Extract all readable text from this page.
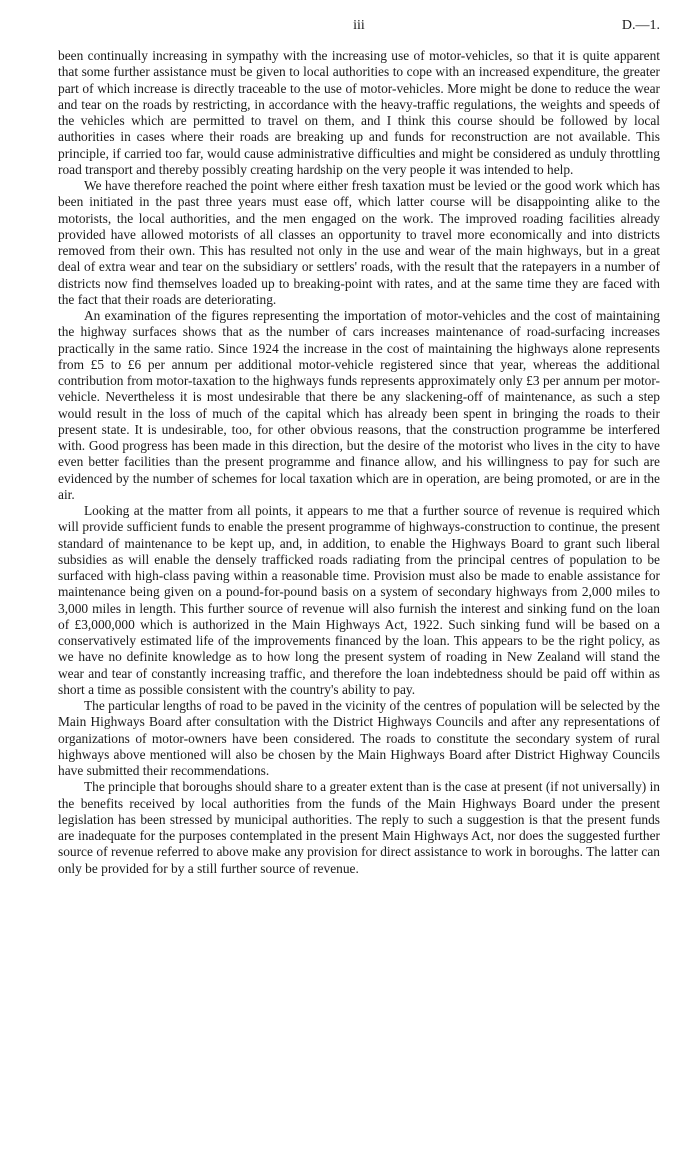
iii	D.—1.

been continually increasing in sympathy with the increasing use of motor-vehicles, so that it is quite apparent that some further assistance must be given to local authorities to cope with an increased expenditure, the greater part of which increase is directly traceable to the use of motor-vehicles. More might be done to reduce the wear and tear on the roads by restricting, in accordance with the heavy-traffic regulations, the weights and speeds of the vehicles which are permitted to travel on them, and I think this course should be followed by local authorities in cases where their roads are breaking up and funds for reconstruction are not available. This principle, if carried too far, would cause administrative difficulties and might be considered as unduly throttling road transport and thereby possibly creating hardship on the very people it was intended to help.

We have therefore reached the point where either fresh taxation must be levied or the good work which has been initiated in the past three years must ease off, which latter course will be disappointing alike to the motorists, the local authorities, and the men engaged on the work. The improved roading facilities already provided have allowed motorists of all classes an opportunity to travel more economically and into districts removed from their own. This has resulted not only in the use and wear of the main highways, but in a great deal of extra wear and tear on the subsidiary or settlers' roads, with the result that the ratepayers in a number of districts now find themselves loaded up to breaking-point with rates, and at the same time they are faced with the fact that their roads are deteriorating.

An examination of the figures representing the importation of motor-vehicles and the cost of maintaining the highway surfaces shows that as the number of cars increases maintenance of road-surfacing increases practically in the same ratio. Since 1924 the increase in the cost of maintaining the highways alone represents from £5 to £6 per annum per additional motor-vehicle registered since that year, whereas the additional contribution from motor-taxation to the highways funds represents approximately only £3 per annum per motor-vehicle. Nevertheless it is most undesirable that there be any slackening-off of maintenance, as such a step would result in the loss of much of the capital which has already been spent in bringing the roads to their present state. It is undesirable, too, for other obvious reasons, that the construction programme be interfered with. Good progress has been made in this direction, but the desire of the motorist who lives in the city to have even better facilities than the present programme and finance allow, and his willingness to pay for such are evidenced by the number of schemes for local taxation which are in operation, are being promoted, or are in the air.

Looking at the matter from all points, it appears to me that a further source of revenue is required which will provide sufficient funds to enable the present programme of highways-construction to continue, the present standard of maintenance to be kept up, and, in addition, to enable the Highways Board to grant such liberal subsidies as will enable the densely trafficked roads radiating from the principal centres of population to be surfaced with high-class paving within a reasonable time. Provision must also be made to enable assistance for maintenance being given on a pound-for-pound basis on a system of secondary highways from 2,000 miles to 3,000 miles in length. This further source of revenue will also furnish the interest and sinking fund on the loan of £3,000,000 which is authorized in the Main Highways Act, 1922. Such sinking fund will be based on a conservatively estimated life of the improvements financed by the loan. This appears to be the right policy, as we have no definite knowledge as to how long the present system of roading in New Zealand will stand the wear and tear of constantly increasing traffic, and therefore the loan indebtedness should be paid off within as short a time as possible consistent with the country's ability to pay.

The particular lengths of road to be paved in the vicinity of the centres of population will be selected by the Main Highways Board after consultation with the District Highways Councils and after any representations of organizations of motor-owners have been considered. The roads to constitute the secondary system of rural highways above mentioned will also be chosen by the Main Highways Board after District Highway Councils have submitted their recommendations.

The principle that boroughs should share to a greater extent than is the case at present (if not universally) in the benefits received by local authorities from the funds of the Main Highways Board under the present legislation has been stressed by municipal authorities. The reply to such a suggestion is that the present funds are inadequate for the purposes contemplated in the present Main Highways Act, nor does the suggested further source of revenue referred to above make any provision for direct assistance to work in boroughs. The latter can only be provided for by a still further source of revenue.
